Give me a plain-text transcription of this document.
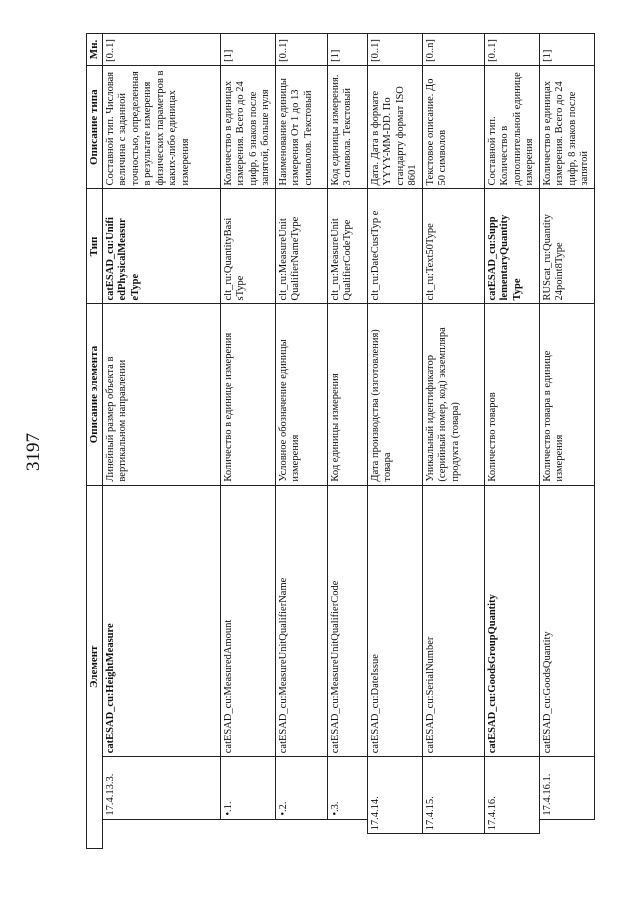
3197
Элемент				Описание элемента	Тип	Описание типа	Мн.
		17.4.13.3.	catESAD_cu:HeightMeasure	Линейный размер объекта в вертикальном направлении	catESAD_cu:Unifi edPhysicalMeasur eType	Составной тип. Числовая величина с заданной точностью, определенная в результате измерения физических параметров в каких-либо единицах измерения	[0..1]
		•.1.	catESAD_cu:MeasuredAmount	Количество в единице измерения	clt_ru:QuantityBasi sType	Количество в единицах измерения. Всего до 24 цифр, 6 знаков после запятой, больше нуля	[1]
		•.2.	catESAD_cu:MeasureUnitQualifierName	Условное обозначение единицы измерения	clt_ru:MeasureUnit QualifierNameType	Наименование единицы измерения От 1 до 13 символов. Текстовый	[0..1]
		•.3.	catESAD_cu:MeasureUnitQualifierCode	Код единицы измерения	clt_ru:MeasureUnit QualifierCodeType	Код единицы измерения. 3 символа. Текстовый	[1]
	17.4.14.		catESAD_cu:DateIssue	Дата производства (изготовления) товара	clt_ru:DateCustTyp e	Дата. Дата в формате YYYY-MM-DD. По стандарту формат ISO 8601	[0..1]
	17.4.15.		catESAD_cu:SerialNumber	Уникальный идентификатор (серийный номер, код) экземпляра продукта (товара)	clt_ru:Text50Type	Текстовое описание. До 50 символов	[0..n]
	17.4.16.		catESAD_cu:GoodsGroupQuantity	Количество товаров	catESAD_cu:Supp lementaryQuantity Type	Составной тип. Количество в дополнительной единице измерения	[0..1]
		17.4.16.1.	catESAD_cu:GoodsQuantity	Количество товара в единице измерения	RUScat_ru:Quantity 24point8Type	Количество в единицах измерения. Всего до 24 цифр, 8 знаков после запятой	[1]
